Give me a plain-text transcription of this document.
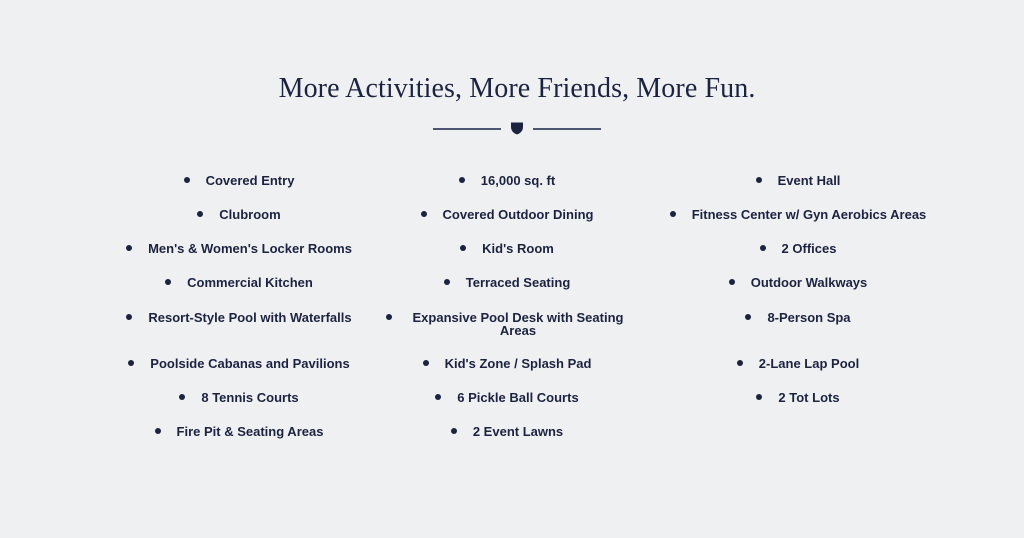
More Activities, More Friends, More Fun.
Covered Entry
Clubroom
Men's & Women's Locker Rooms
Commercial Kitchen
Resort-Style Pool with Waterfalls
Poolside Cabanas and Pavilions
8 Tennis Courts
Fire Pit & Seating Areas
16,000 sq. ft
Covered Outdoor Dining
Kid's Room
Terraced Seating
Expansive Pool Desk with Seating Areas
Kid's Zone / Splash Pad
6 Pickle Ball Courts
2 Event Lawns
Event Hall
Fitness Center w/ Gyn Aerobics Areas
2 Offices
Outdoor Walkways
8-Person Spa
2-Lane Lap Pool
2 Tot Lots
